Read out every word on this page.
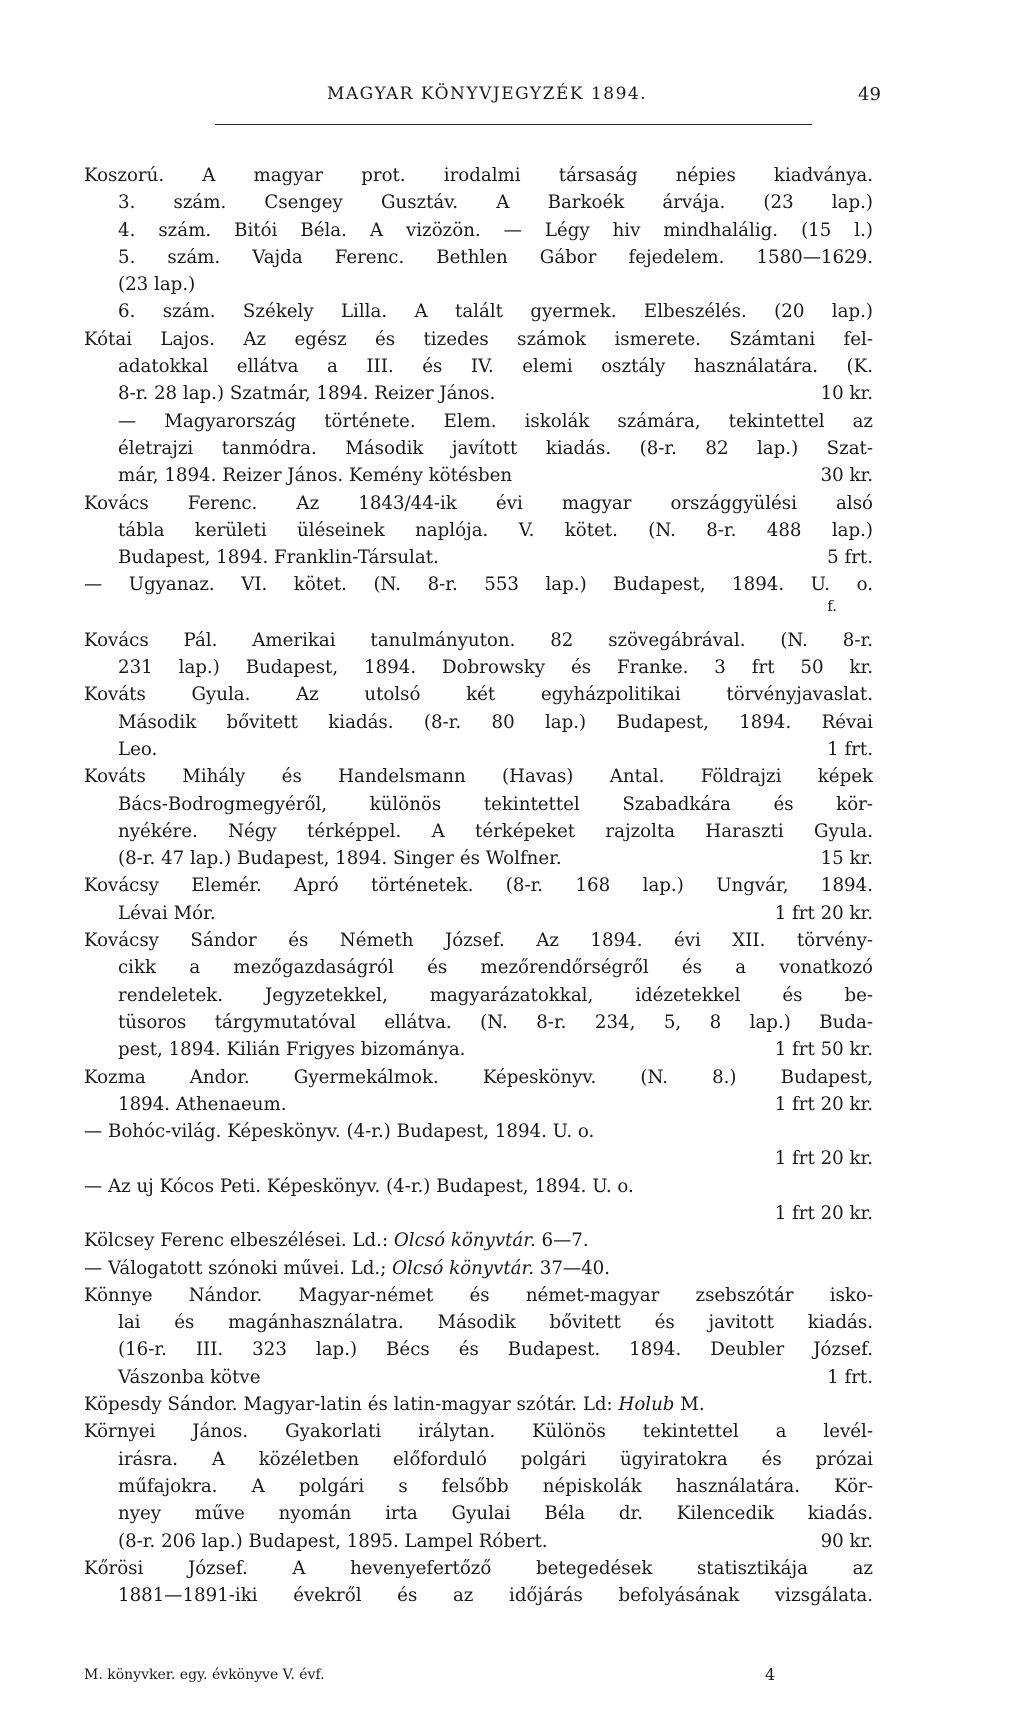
MAGYAR KÖNYVJEGYZÉK 1894.	49
Koszorú. A magyar prot. irodalmi társaság népies kiadványa.
3. szám. Csengey Gusztáv. A Barkoék árvája. (23 lap.)
4. szám. Bitói Béla. A vizözön. — Légy hiv mindhalálig. (15 l.)
5. szám. Vajda Ferenc. Bethlen Gábor fejedelem. 1580—1629.
(23 lap.)
6. szám. Székely Lilla. A talált gyermek. Elbeszélés. (20 lap.)
Kótai Lajos. Az egész és tizedes számok ismerete. Számtani fel-
adatokkal ellátva a III. és IV. elemi osztály használatára. (K.
8-r. 28 lap.) Szatmár, 1894. Reizer János.	10 kr.
— Magyarország története. Elem. iskolák számára, tekintettel az
életrajzi tanmódra. Második javított kiadás. (8-r. 82 lap.) Szat-
már, 1894. Reizer János. Kemény kötésben	30 kr.
Kovács Ferenc. Az 1843/44-ik évi magyar országgyülési alsó
tábla kerületi üléseinek naplója. V. kötet. (N. 8-r. 488 lap.)
Budapest, 1894. Franklin-Társulat.	5 frt.
— Ugyanaz. VI. kötet. (N. 8-r. 553 lap.) Budapest, 1894. U. o.
f.
Kovács Pál. Amerikai tanulmányuton. 82 szövegábrával. (N. 8-r.
231 lap.) Budapest, 1894. Dobrowsky és Franke. 3 frt 50 kr.
Kováts Gyula. Az utolsó két egyházpolitikai törvényjavaslat.
Második bővitett kiadás. (8-r. 80 lap.) Budapest, 1894. Révai
Leo.	1 frt.
Kováts Mihály és Handelsmann (Havas) Antal. Földrajzi képek
Bács-Bodrogmegyéről, különös tekintettel Szabadkára és kör-
nyékére. Négy térképpel. A térképeket rajzolta Haraszti Gyula.
(8-r. 47 lap.) Budapest, 1894. Singer és Wolfner.	15 kr.
Kovácsy Elemér. Apró történetek. (8-r. 168 lap.) Ungvár, 1894.
Lévai Mór.	1 frt 20 kr.
Kovácsy Sándor és Németh József. Az 1894. évi XII. törvény-
cikk a mezőgazdaságról és mezőrendőrségről és a vonatkozó
rendeletek. Jegyzetekkel, magyarázatokkal, idézetekkel és be-
tüsoros tárgymutatóval ellátva. (N. 8-r. 234, 5, 8 lap.) Buda-
pest, 1894. Kilián Frigyes bizománya.	1 frt 50 kr.
Kozma Andor. Gyermekálmok. Képeskönyv. (N. 8.) Budapest,
1894. Athenaeum.	1 frt 20 kr.
— Bohóc-világ. Képeskönyv. (4-r.) Budapest, 1894. U. o.
1 frt 20 kr.
— Az uj Kócos Peti. Képeskönyv. (4-r.) Budapest, 1894. U. o.
1 frt 20 kr.
Kölcsey Ferenc elbeszélései. Ld.: Olcsó könyvtár. 6—7.
— Válogatott szónoki művei. Ld.; Olcsó könyvtár. 37—40.
Könnye Nándor. Magyar-német és német-magyar zsebszótár isko-
lai és magánhasználatra. Második bővitett és javitott kiadás.
(16-r. III. 323 lap.) Bécs és Budapest. 1894. Deubler József.
Vászonba kötve	1 frt.
Köpesdy Sándor. Magyar-latin és latin-magyar szótár. Ld: Holub M.
Környei János. Gyakorlati irálytan. Különös tekintettel a levél-
irásra. A közéletben előforduló polgári ügyiratokra és prózai
műfajokra. A polgári s felsőbb népiskolák használatára. Kör-
nyey műve nyomán irta Gyulai Béla dr. Kilencedik kiadás.
(8-r. 206 lap.) Budapest, 1895. Lampel Róbert.	90 kr.
Kőrösi József. A hevenyefertőző betegedések statisztikája az
1881—1891-iki évekről és az időjárás befolyásának vizsgálata.
M. könyvker. egy. évkönyve V. évf.	4
